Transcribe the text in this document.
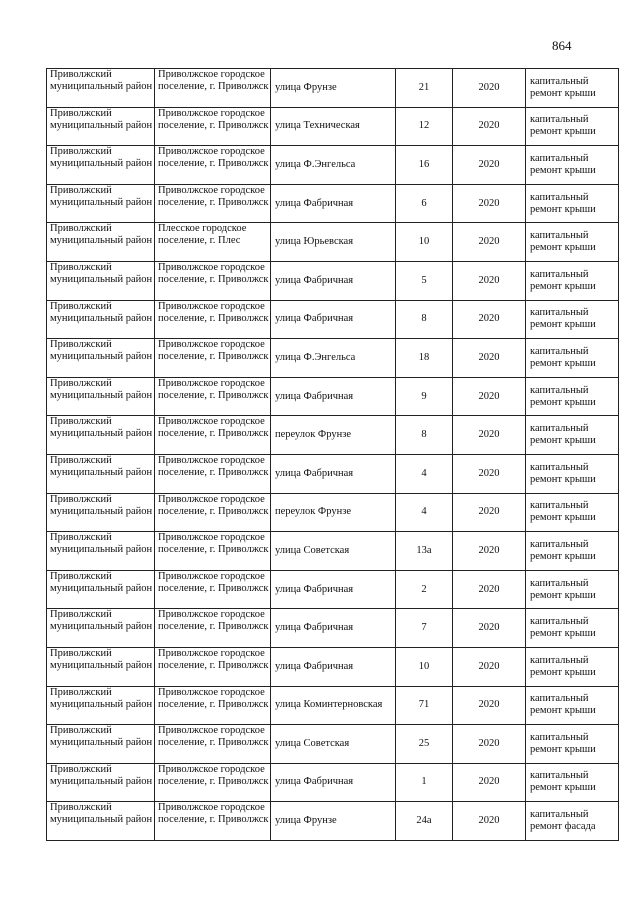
864
Приволжский муниципальный район	Приволжское городское поселение, г. Приволжск	улица Фрунзе	21	2020	капитальный ремонт крыши

Приволжский муниципальный район	Приволжское городское поселение, г. Приволжск	улица Техническая	12	2020	капитальный ремонт крыши

Приволжский муниципальный район	Приволжское городское поселение, г. Приволжск	улица Ф.Энгельса	16	2020	капитальный ремонт крыши

Приволжский муниципальный район	Приволжское городское поселение, г. Приволжск	улица Фабричная	6	2020	капитальный ремонт крыши

Приволжский муниципальный район	Плесское городское поселение, г. Плес	улица Юрьевская	10	2020	капитальный ремонт крыши

Приволжский муниципальный район	Приволжское городское поселение, г. Приволжск	улица Фабричная	5	2020	капитальный ремонт крыши

Приволжский муниципальный район	Приволжское городское поселение, г. Приволжск	улица Фабричная	8	2020	капитальный ремонт крыши

Приволжский муниципальный район	Приволжское городское поселение, г. Приволжск	улица Ф.Энгельса	18	2020	капитальный ремонт крыши

Приволжский муниципальный район	Приволжское городское поселение, г. Приволжск	улица Фабричная	9	2020	капитальный ремонт крыши

Приволжский муниципальный район	Приволжское городское поселение, г. Приволжск	переулок Фрунзе	8	2020	капитальный ремонт крыши

Приволжский муниципальный район	Приволжское городское поселение, г. Приволжск	улица Фабричная	4	2020	капитальный ремонт крыши

Приволжский муниципальный район	Приволжское городское поселение, г. Приволжск	переулок Фрунзе	4	2020	капитальный ремонт крыши

Приволжский муниципальный район	Приволжское городское поселение, г. Приволжск	улица Советская	13а	2020	капитальный ремонт крыши

Приволжский муниципальный район	Приволжское городское поселение, г. Приволжск	улица Фабричная	2	2020	капитальный ремонт крыши

Приволжский муниципальный район	Приволжское городское поселение, г. Приволжск	улица Фабричная	7	2020	капитальный ремонт крыши

Приволжский муниципальный район	Приволжское городское поселение, г. Приволжск	улица Фабричная	10	2020	капитальный ремонт крыши

Приволжский муниципальный район	Приволжское городское поселение, г. Приволжск	улица Коминтерновская	71	2020	капитальный ремонт крыши

Приволжский муниципальный район	Приволжское городское поселение, г. Приволжск	улица Советская	25	2020	капитальный ремонт крыши

Приволжский муниципальный район	Приволжское городское поселение, г. Приволжск	улица Фабричная	1	2020	капитальный ремонт крыши

Приволжский муниципальный район	Приволжское городское поселение, г. Приволжск	улица Фрунзе	24а	2020	капитальный ремонт фасада
